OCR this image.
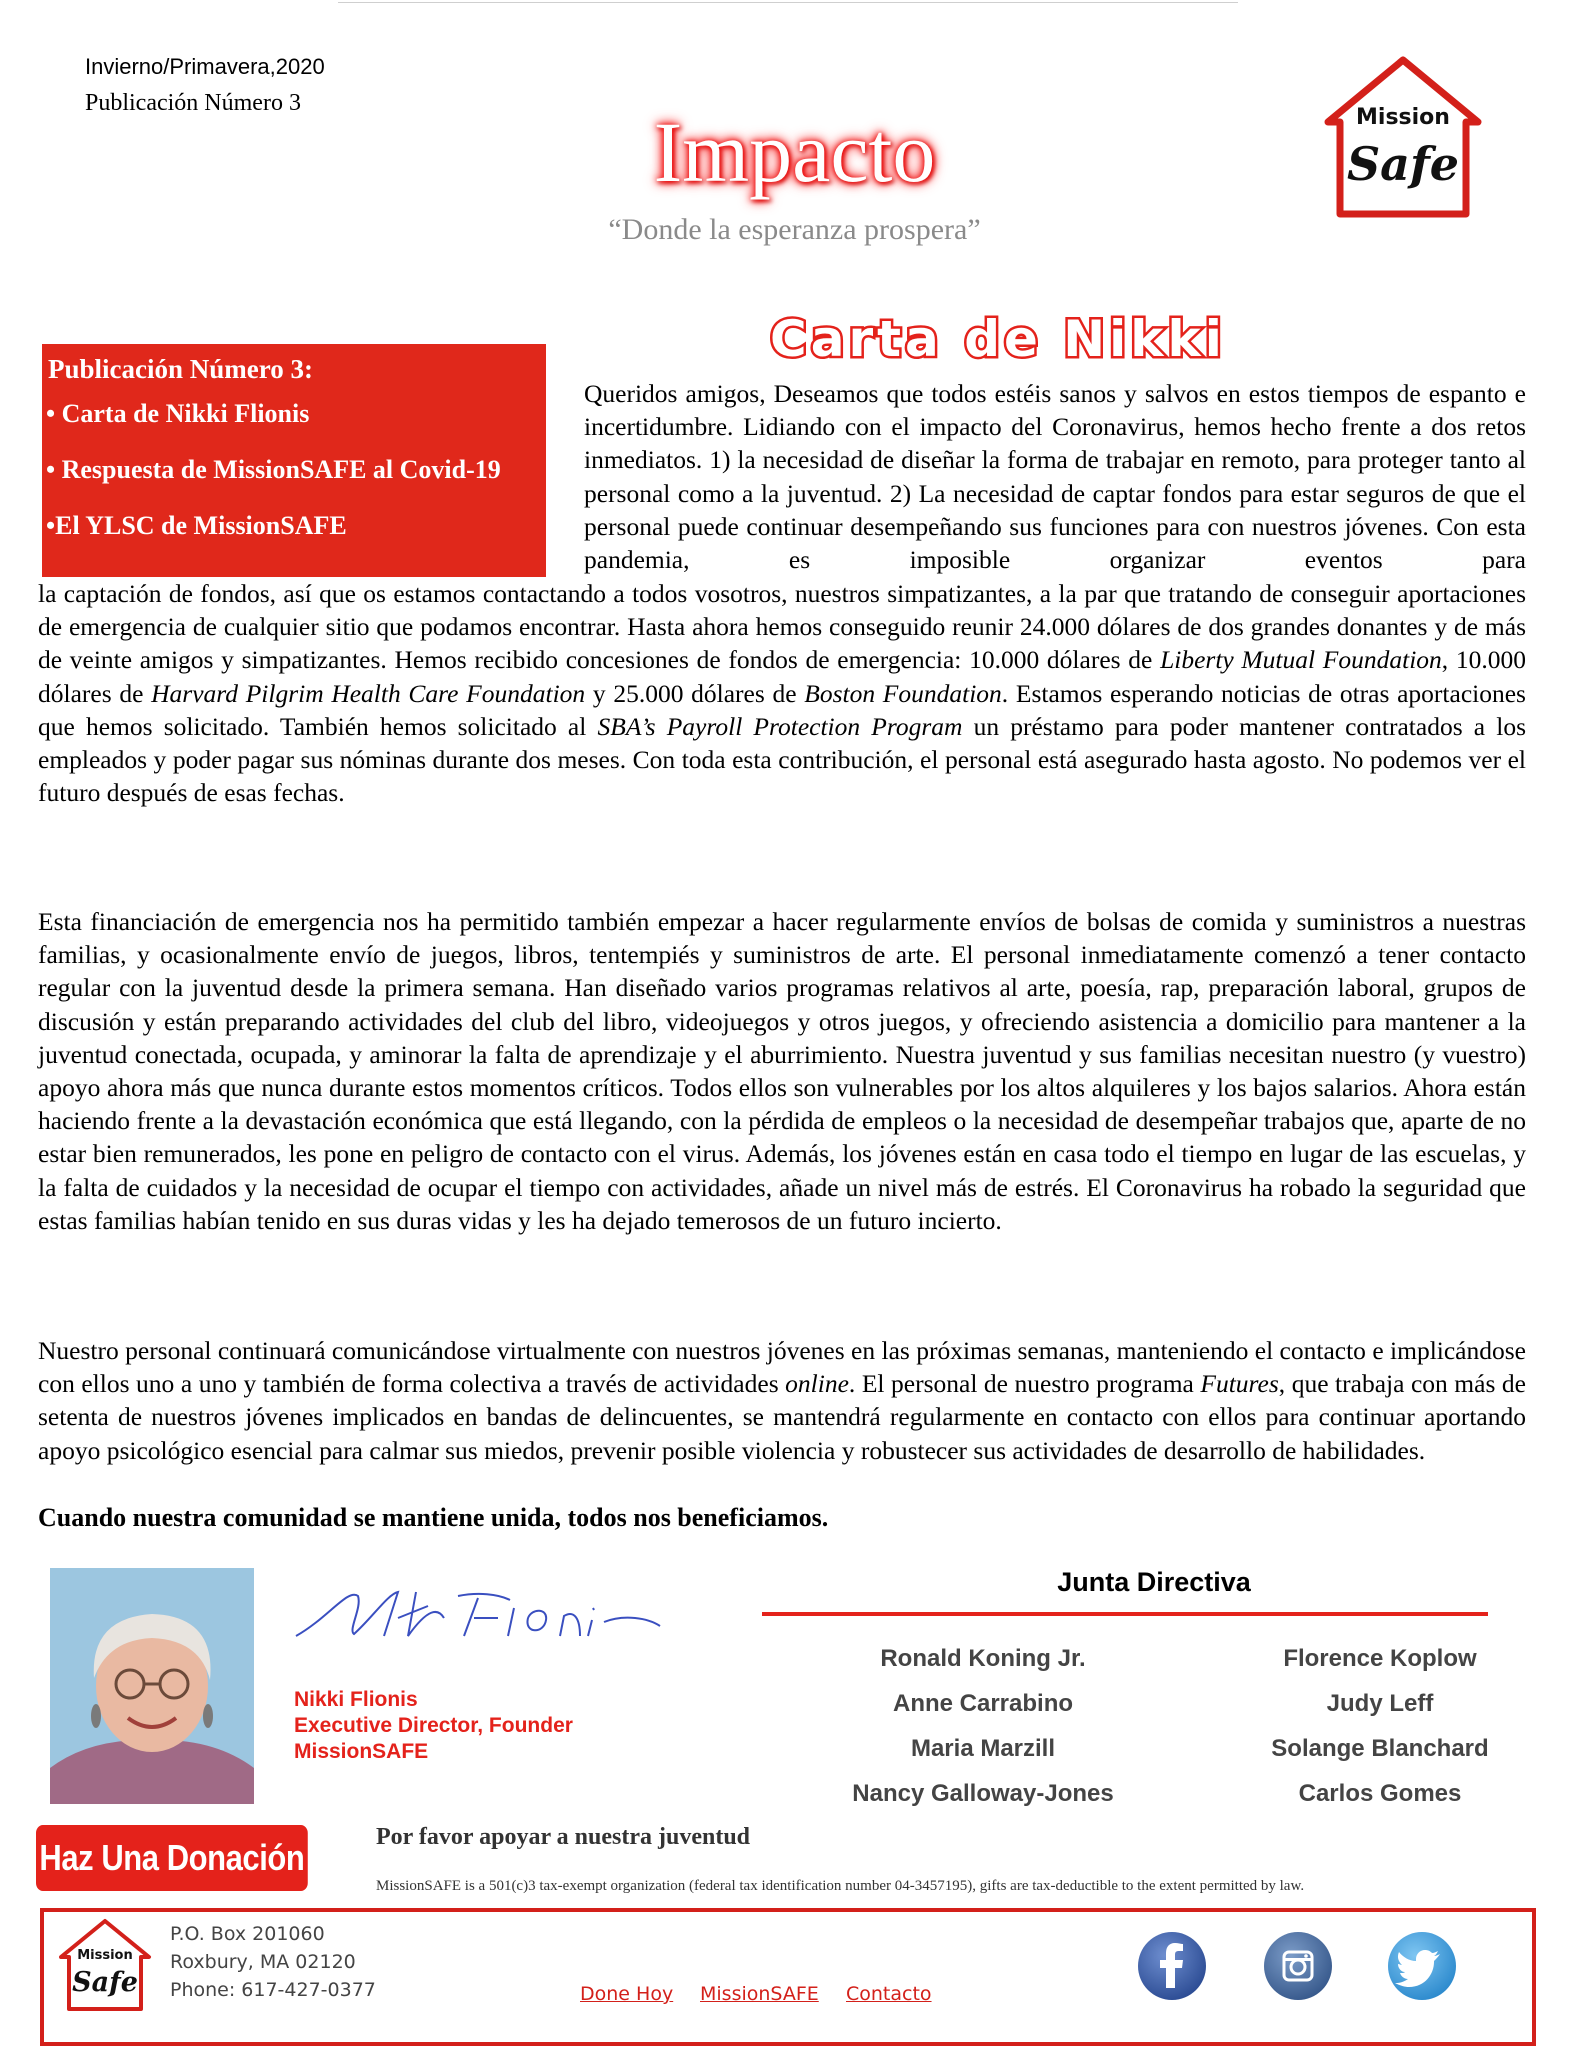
Invierno/Primavera,2020
Publicación Número 3
Impacto
“Donde la esperanza prospera”
Mission
Safe
Publicación Número 3:
• Carta de Nikki Flionis
• Respuesta de MissionSAFE al Covid-19
•El YLSC de MissionSAFE
Carta de Nikki
Queridos amigos, Deseamos que todos estéis sanos y salvos en estos tiempos de espanto e incertidumbre. Lidiando con el impacto del Coronavirus, hemos hecho frente a dos retos inmediatos. 1) la necesidad de diseñar la forma de trabajar en remoto, para proteger tanto al personal como a la juventud. 2) La necesidad de captar fondos para estar seguros de que el personal puede continuar desempeñando sus funciones para con nuestros jóvenes. Con esta pandemia, es imposible organizar eventos para
la captación de fondos, así que os estamos contactando a todos vosotros, nuestros simpatizantes, a la par que tratando de conseguir aportaciones de emergencia de cualquier sitio que podamos encontrar. Hasta ahora hemos conseguido reunir 24.000 dólares de dos grandes donantes y de más de veinte amigos y simpatizantes. Hemos recibido concesiones de fondos de emergencia: 10.000 dólares de Liberty Mutual Foundation, 10.000 dólares de Harvard Pilgrim Health Care Foundation y 25.000 dólares de Boston Foundation. Estamos esperando noticias de otras aportaciones que hemos solicitado. También hemos solicitado al SBA’s Payroll Protection Program un préstamo para poder mantener contratados a los empleados y poder pagar sus nóminas durante dos meses. Con toda esta contribución, el personal está asegurado hasta agosto. No podemos ver el futuro después de esas fechas.
Esta financiación de emergencia nos ha permitido también empezar a hacer regularmente envíos de bolsas de comida y suministros a nuestras familias, y ocasionalmente envío de juegos, libros, tentempiés y suministros de arte. El personal inmediatamente comenzó a tener contacto regular con la juventud desde la primera semana. Han diseñado varios programas relativos al arte, poesía, rap, preparación laboral, grupos de discusión y están preparando actividades del club del libro, videojuegos y otros juegos, y ofreciendo asistencia a domicilio para mantener a la juventud conectada, ocupada, y aminorar la falta de aprendizaje y el aburrimiento. Nuestra juventud y sus familias necesitan nuestro (y vuestro) apoyo ahora más que nunca durante estos momentos críticos. Todos ellos son vulnerables por los altos alquileres y los bajos salarios. Ahora están haciendo frente a la devastación económica que está llegando, con la pérdida de empleos o la necesidad de desempeñar trabajos que, aparte de no estar bien remunerados, les pone en peligro de contacto con el virus. Además, los jóvenes están en casa todo el tiempo en lugar de las escuelas, y la falta de cuidados y la necesidad de ocupar el tiempo con actividades, añade un nivel más de estrés. El Coronavirus ha robado la seguridad que estas familias habían tenido en sus duras vidas y les ha dejado temerosos de un futuro incierto.
Nuestro personal continuará comunicándose virtualmente con nuestros jóvenes en las próximas semanas, manteniendo el contacto e implicándose con ellos uno a uno y también de forma colectiva a través de actividades online. El personal de nuestro programa Futures, que trabaja con más de setenta de nuestros jóvenes implicados en bandas de delincuentes, se mantendrá regularmente en contacto con ellos para continuar aportando apoyo psicológico esencial para calmar sus miedos, prevenir posible violencia y robustecer sus actividades de desarrollo de habilidades.
Cuando nuestra comunidad se mantiene unida, todos nos beneficiamos.
Nikki Flionis
Executive Director, Founder
MissionSAFE
Junta Directiva
Ronald Koning Jr.
Anne Carrabino
Maria Marzill
Nancy Galloway-Jones
Florence Koplow
Judy Leff
Solange Blanchard
Carlos Gomes
Haz Una Donación	Por favor apoyar a nuestra juventud
MissionSAFE is a 501(c)3 tax-exempt organization (federal tax identification number 04-3457195), gifts are tax-deductible to the extent permitted by law.
Mission
Safe
P.O. Box 201060
Roxbury, MA 02120
Phone: 617-427-0377	Done Hoy MissionSAFE Contacto
